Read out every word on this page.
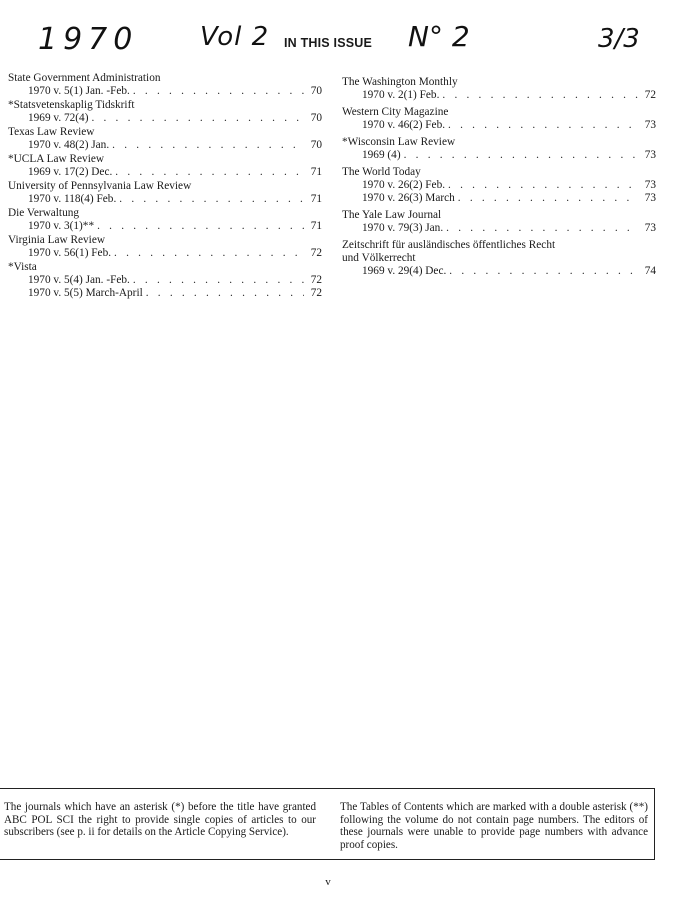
1970 Vol 2 IN THIS ISSUE N° 2	3/3
State Government Administration
1970 v. 5(1) Jan. -Feb. . . .	70
*Statsvetenskaplig Tidskrift
1969 v. 72(4) . . .	70
Texas Law Review
1970 v. 48(2) Jan. . . .	70
*UCLA Law Review
1969 v. 17(2) Dec. . . .	71
University of Pennsylvania Law Review
1970 v. 118(4) Feb. . . .	71
Die Verwaltung
1970 v. 3(1)** . . .	71
Virginia Law Review
1970 v. 56(1) Feb. . . .	72
*Vista
1970 v. 5(4) Jan. -Feb. . . .	72
1970 v. 5(5) March-April . . .	72
The Washington Monthly
1970 v. 2(1) Feb. . . .	72
Western City Magazine
1970 v. 46(2) Feb. . . .	73
*Wisconsin Law Review
1969 (4) . . .	73
The World Today
1970 v. 26(2) Feb. . . .	73
1970 v. 26(3) March . . .	73
The Yale Law Journal
1970 v. 79(3) Jan. . . .	73
Zeitschrift für ausländisches öffentliches Recht
und Völkerrecht
1969 v. 29(4) Dec. . . .	74
The journals which have an asterisk (*) before the title have granted ABC POL SCI the right to provide single copies of articles to our subscribers (see p. ii for details on the Article Copying Service).
The Tables of Contents which are marked with a double asterisk (**) following the volume do not contain page numbers. The editors of these journals were unable to provide page numbers with advance proof copies.
v
